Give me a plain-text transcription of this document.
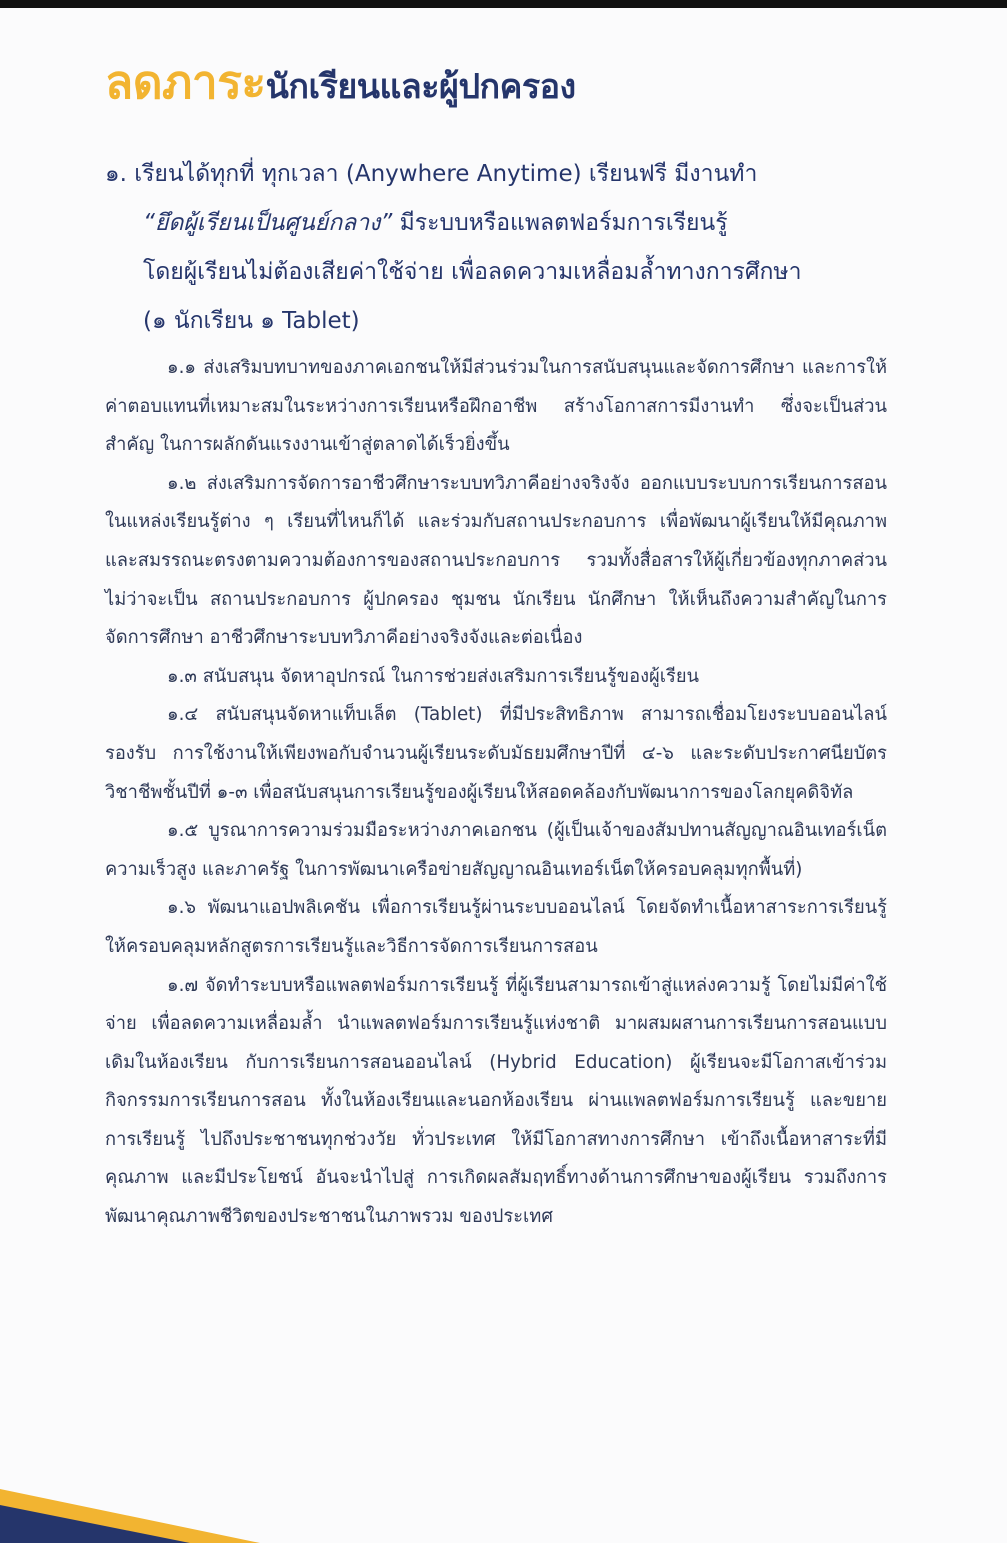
ลดภาระนักเรียนและผู้ปกครอง
๑. เรียนได้ทุกที่ ทุกเวลา (Anywhere Anytime) เรียนฟรี มีงานทำ
“ยึดผู้เรียนเป็นศูนย์กลาง” มีระบบหรือแพลตฟอร์มการเรียนรู้
โดยผู้เรียนไม่ต้องเสียค่าใช้จ่าย เพื่อลดความเหลื่อมล้ำทางการศึกษา
(๑ นักเรียน ๑ Tablet)

๑.๑ ส่งเสริมบทบาทของภาคเอกชนให้มีส่วนร่วมในการสนับสนุนและจัดการศึกษา และการให้ค่าตอบแทนที่เหมาะสมในระหว่างการเรียนหรือฝึกอาชีพ สร้างโอกาสการมีงานทำ ซึ่งจะเป็นส่วนสำคัญ ในการผลักดันแรงงานเข้าสู่ตลาดได้เร็วยิ่งขึ้น

๑.๒ ส่งเสริมการจัดการอาชีวศึกษาระบบทวิภาคีอย่างจริงจัง ออกแบบระบบการเรียนการสอน ในแหล่งเรียนรู้ต่าง ๆ เรียนที่ไหนก็ได้ และร่วมกับสถานประกอบการ เพื่อพัฒนาผู้เรียนให้มีคุณภาพ และสมรรถนะตรงตามความต้องการของสถานประกอบการ รวมทั้งสื่อสารให้ผู้เกี่ยวข้องทุกภาคส่วน ไม่ว่าจะเป็น สถานประกอบการ ผู้ปกครอง ชุมชน นักเรียน นักศึกษา ให้เห็นถึงความสำคัญในการจัดการศึกษา อาชีวศึกษาระบบทวิภาคีอย่างจริงจังและต่อเนื่อง

๑.๓ สนับสนุน จัดหาอุปกรณ์ ในการช่วยส่งเสริมการเรียนรู้ของผู้เรียน

๑.๔ สนับสนุนจัดหาแท็บเล็ต (Tablet) ที่มีประสิทธิภาพ สามารถเชื่อมโยงระบบออนไลน์รองรับ การใช้งานให้เพียงพอกับจำนวนผู้เรียนระดับมัธยมศึกษาปีที่ ๔-๖ และระดับประกาศนียบัตรวิชาชีพชั้นปีที่ ๑-๓ เพื่อสนับสนุนการเรียนรู้ของผู้เรียนให้สอดคล้องกับพัฒนาการของโลกยุคดิจิทัล

๑.๕ บูรณาการความร่วมมือระหว่างภาคเอกชน (ผู้เป็นเจ้าของสัมปทานสัญญาณอินเทอร์เน็ต ความเร็วสูง และภาครัฐ ในการพัฒนาเครือข่ายสัญญาณอินเทอร์เน็ตให้ครอบคลุมทุกพื้นที่)

๑.๖ พัฒนาแอปพลิเคชัน เพื่อการเรียนรู้ผ่านระบบออนไลน์ โดยจัดทำเนื้อหาสาระการเรียนรู้ ให้ครอบคลุมหลักสูตรการเรียนรู้และวิธีการจัดการเรียนการสอน

๑.๗ จัดทำระบบหรือแพลตฟอร์มการเรียนรู้ ที่ผู้เรียนสามารถเข้าสู่แหล่งความรู้ โดยไม่มีค่าใช้จ่าย เพื่อลดความเหลื่อมล้ำ นำแพลตฟอร์มการเรียนรู้แห่งชาติ มาผสมผสานการเรียนการสอนแบบเดิมในห้องเรียน กับการเรียนการสอนออนไลน์ (Hybrid Education) ผู้เรียนจะมีโอกาสเข้าร่วมกิจกรรมการเรียนการสอน ทั้งในห้องเรียนและนอกห้องเรียน ผ่านแพลตฟอร์มการเรียนรู้ และขยายการเรียนรู้ ไปถึงประชาชนทุกช่วงวัย ทั่วประเทศ ให้มีโอกาสทางการศึกษา เข้าถึงเนื้อหาสาระที่มีคุณภาพ และมีประโยชน์ อันจะนำไปสู่ การเกิดผลสัมฤทธิ์ทางด้านการศึกษาของผู้เรียน รวมถึงการพัฒนาคุณภาพชีวิตของประชาชนในภาพรวม ของประเทศ
